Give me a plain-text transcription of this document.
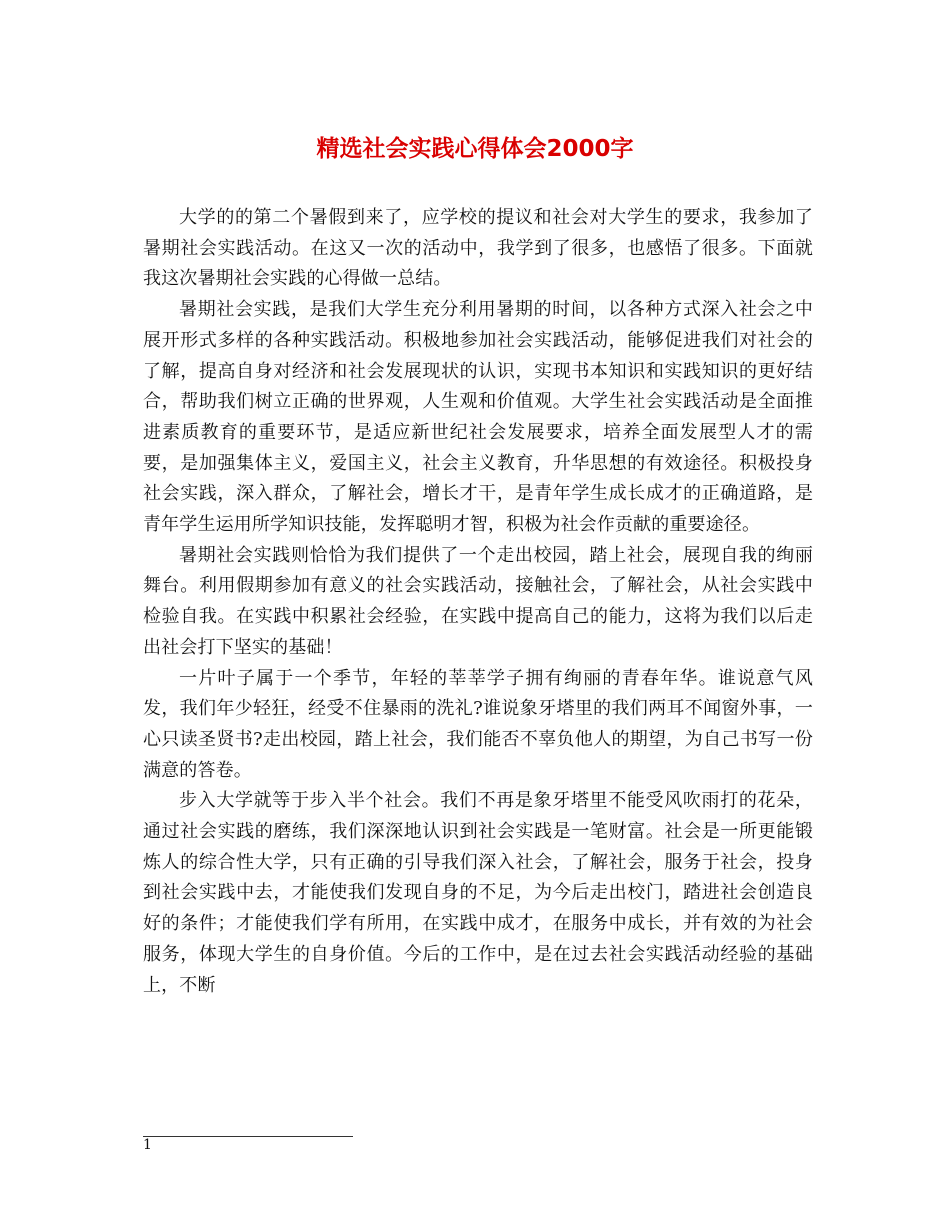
精选社会实践心得体会2000字

大学的的第二个暑假到来了，应学校的提议和社会对大学生的要求，我参加了暑期社会实践活动。在这又一次的活动中，我学到了很多，也感悟了很多。下面就我这次暑期社会实践的心得做一总结。

暑期社会实践，是我们大学生充分利用暑期的时间，以各种方式深入社会之中展开形式多样的各种实践活动。积极地参加社会实践活动，能够促进我们对社会的了解，提高自身对经济和社会发展现状的认识，实现书本知识和实践知识的更好结合，帮助我们树立正确的世界观，人生观和价值观。大学生社会实践活动是全面推进素质教育的重要环节，是适应新世纪社会发展要求，培养全面发展型人才的需要，是加强集体主义，爱国主义，社会主义教育，升华思想的有效途径。积极投身社会实践，深入群众，了解社会，增长才干，是青年学生成长成才的正确道路，是青年学生运用所学知识技能，发挥聪明才智，积极为社会作贡献的重要途径。

暑期社会实践则恰恰为我们提供了一个走出校园，踏上社会，展现自我的绚丽舞台。利用假期参加有意义的社会实践活动，接触社会，了解社会，从社会实践中检验自我。在实践中积累社会经验，在实践中提高自己的能力，这将为我们以后走出社会打下坚实的基础！

一片叶子属于一个季节，年轻的莘莘学子拥有绚丽的青春年华。谁说意气风发，我们年少轻狂，经受不住暴雨的洗礼?谁说象牙塔里的我们两耳不闻窗外事，一心只读圣贤书?走出校园，踏上社会，我们能否不辜负他人的期望，为自己书写一份满意的答卷。

步入大学就等于步入半个社会。我们不再是象牙塔里不能受风吹雨打的花朵，通过社会实践的磨练，我们深深地认识到社会实践是一笔财富。社会是一所更能锻炼人的综合性大学，只有正确的引导我们深入社会，了解社会，服务于社会，投身到社会实践中去，才能使我们发现自身的不足，为今后走出校门，踏进社会创造良好的条件；才能使我们学有所用，在实践中成才，在服务中成长，并有效的为社会服务，体现大学生的自身价值。今后的工作中，是在过去社会实践活动经验的基础上，不断

1
